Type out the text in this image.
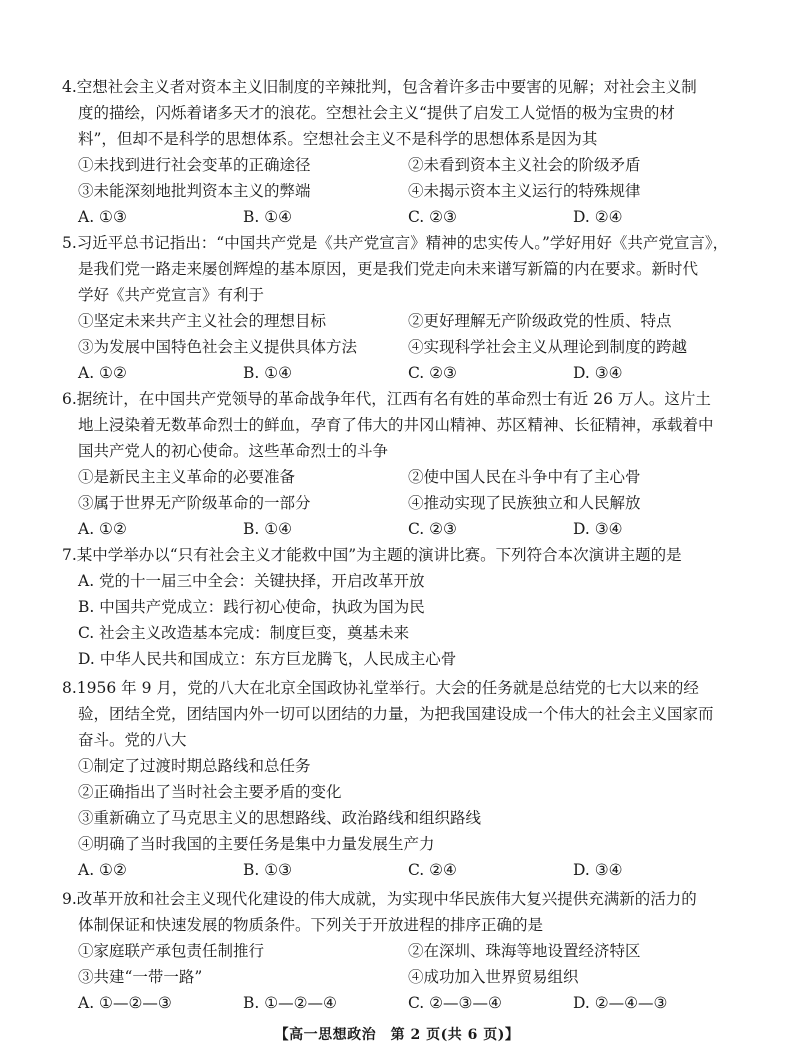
4.空想社会主义者对资本主义旧制度的辛辣批判，包含着许多击中要害的见解；对社会主义制
度的描绘，闪烁着诸多天才的浪花。空想社会主义“提供了启发工人觉悟的极为宝贵的材
料”，但却不是科学的思想体系。空想社会主义不是科学的思想体系是因为其
①未找到进行社会变革的正确途径	②未看到资本主义社会的阶级矛盾
③未能深刻地批判资本主义的弊端	④未揭示资本主义运行的特殊规律
A. ①③	B. ①④	C. ②③	D. ②④
5.习近平总书记指出：“中国共产党是《共产党宣言》精神的忠实传人。”学好用好《共产党宣言》，
是我们党一路走来屡创辉煌的基本原因，更是我们党走向未来谱写新篇的内在要求。新时代
学好《共产党宣言》有利于
①坚定未来共产主义社会的理想目标	②更好理解无产阶级政党的性质、特点
③为发展中国特色社会主义提供具体方法	④实现科学社会主义从理论到制度的跨越
A. ①②	B. ①④	C. ②③	D. ③④
6.据统计，在中国共产党领导的革命战争年代，江西有名有姓的革命烈士有近 26 万人。这片土
地上浸染着无数革命烈士的鲜血，孕育了伟大的井冈山精神、苏区精神、长征精神，承载着中
国共产党人的初心使命。这些革命烈士的斗争
①是新民主主义革命的必要准备	②使中国人民在斗争中有了主心骨
③属于世界无产阶级革命的一部分	④推动实现了民族独立和人民解放
A. ①②	B. ①④	C. ②③	D. ③④
7.某中学举办以“只有社会主义才能救中国”为主题的演讲比赛。下列符合本次演讲主题的是
A. 党的十一届三中全会：关键抉择，开启改革开放
B. 中国共产党成立：践行初心使命，执政为国为民
C. 社会主义改造基本完成：制度巨变，奠基未来
D. 中华人民共和国成立：东方巨龙腾飞，人民成主心骨
8.1956 年 9 月，党的八大在北京全国政协礼堂举行。大会的任务就是总结党的七大以来的经
验，团结全党，团结国内外一切可以团结的力量，为把我国建设成一个伟大的社会主义国家而
奋斗。党的八大
①制定了过渡时期总路线和总任务
②正确指出了当时社会主要矛盾的变化
③重新确立了马克思主义的思想路线、政治路线和组织路线
④明确了当时我国的主要任务是集中力量发展生产力
A. ①②	B. ①③	C. ②④	D. ③④
9.改革开放和社会主义现代化建设的伟大成就，为实现中华民族伟大复兴提供充满新的活力的
体制保证和快速发展的物质条件。下列关于开放进程的排序正确的是
①家庭联产承包责任制推行	②在深圳、珠海等地设置经济特区
③共建“一带一路”	④成功加入世界贸易组织
A. ①—②—③	B. ①—②—④	C. ②—③—④	D. ②—④—③
【高一思想政治　第 2 页(共 6 页)】
